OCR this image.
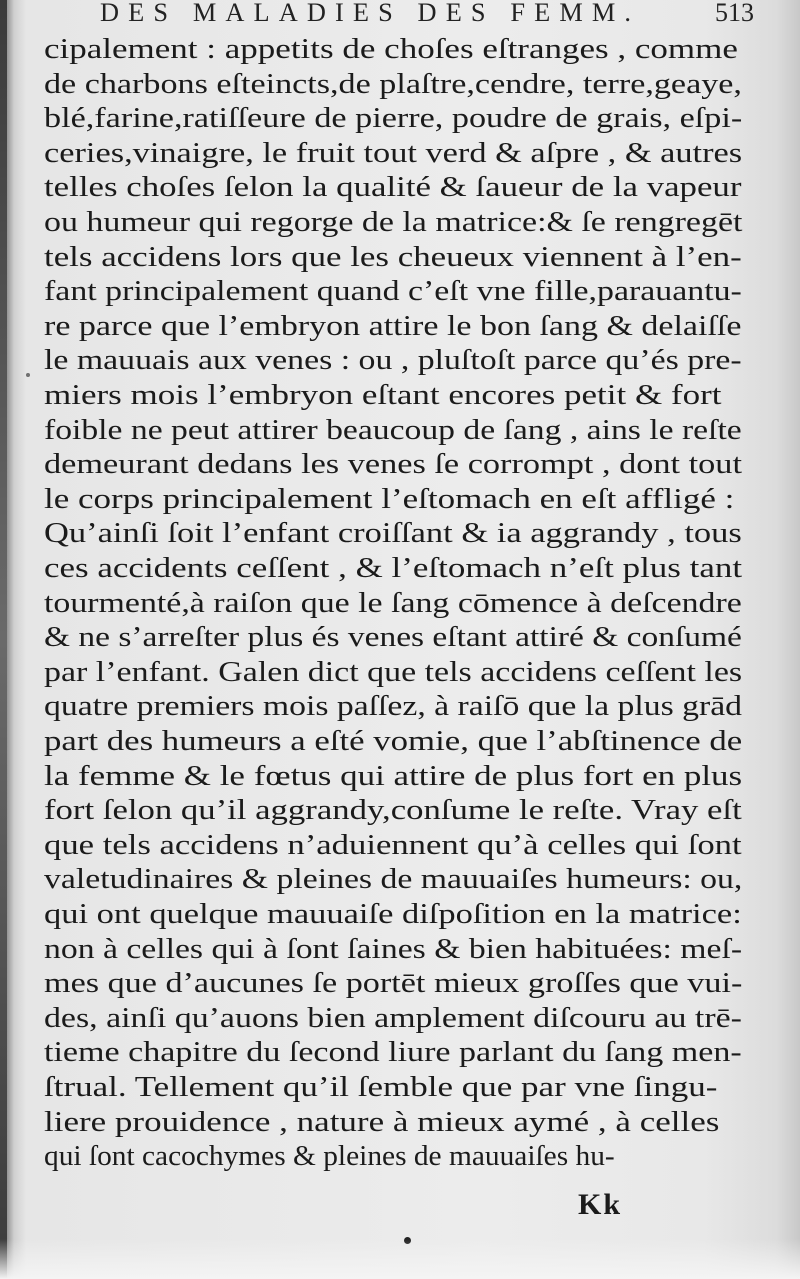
DES MALADIES DES FEMM.	513
cipalement : appetits de choſes eſtranges , comme
de charbons eſteincts,de plaſtre,cendre, terre,geaye,
blé,farine,ratiſſeure de pierre, poudre de grais, eſpi-
ceries,vinaigre, le fruit tout verd & aſpre , & autres
telles choſes ſelon la qualité & ſaueur de la vapeur
ou humeur qui regorge de la matrice:& ſe rengregēt
tels accidens lors que les cheueux viennent à l’en-
fant principalement quand c’eſt vne fille,parauantu-
re parce que l’embryon attire le bon ſang & delaiſſe
le mauuais aux venes : ou , pluſtoſt parce qu’és pre-
miers mois l’embryon eſtant encores petit & fort
foible ne peut attirer beaucoup de ſang , ains le reſte
demeurant dedans les venes ſe corrompt , dont tout
le corps principalement l’eſtomach en eſt affligé :
Qu’ainſi ſoit l’enfant croiſſant & ia aggrandy , tous
ces accidents ceſſent , & l’eſtomach n’eſt plus tant
tourmenté,à raiſon que le ſang cōmence à deſcendre
& ne s’arreſter plus és venes eſtant attiré & conſumé
par l’enfant. Galen dict que tels accidens ceſſent les
quatre premiers mois paſſez, à raiſō que la plus grād
part des humeurs a eſté vomie, que l’abſtinence de
la femme & le fœtus qui attire de plus fort en plus
fort ſelon qu’il aggrandy,conſume le reſte. Vray eſt
que tels accidens n’aduiennent qu’à celles qui ſont
valetudinaires & pleines de mauuaiſes humeurs: ou,
qui ont quelque mauuaiſe diſpoſition en la matrice:
non à celles qui à ſont ſaines & bien habituées: meſ-
mes que d’aucunes ſe portēt mieux groſſes que vui-
des, ainſi qu’auons bien amplement diſcouru au trē-
tieme chapitre du ſecond liure parlant du ſang men-
ſtrual. Tellement qu’il ſemble que par vne ſingu-
liere prouidence , nature à mieux aymé , à celles
qui ſont cacochymes & pleines de mauuaiſes hu-
Kk
